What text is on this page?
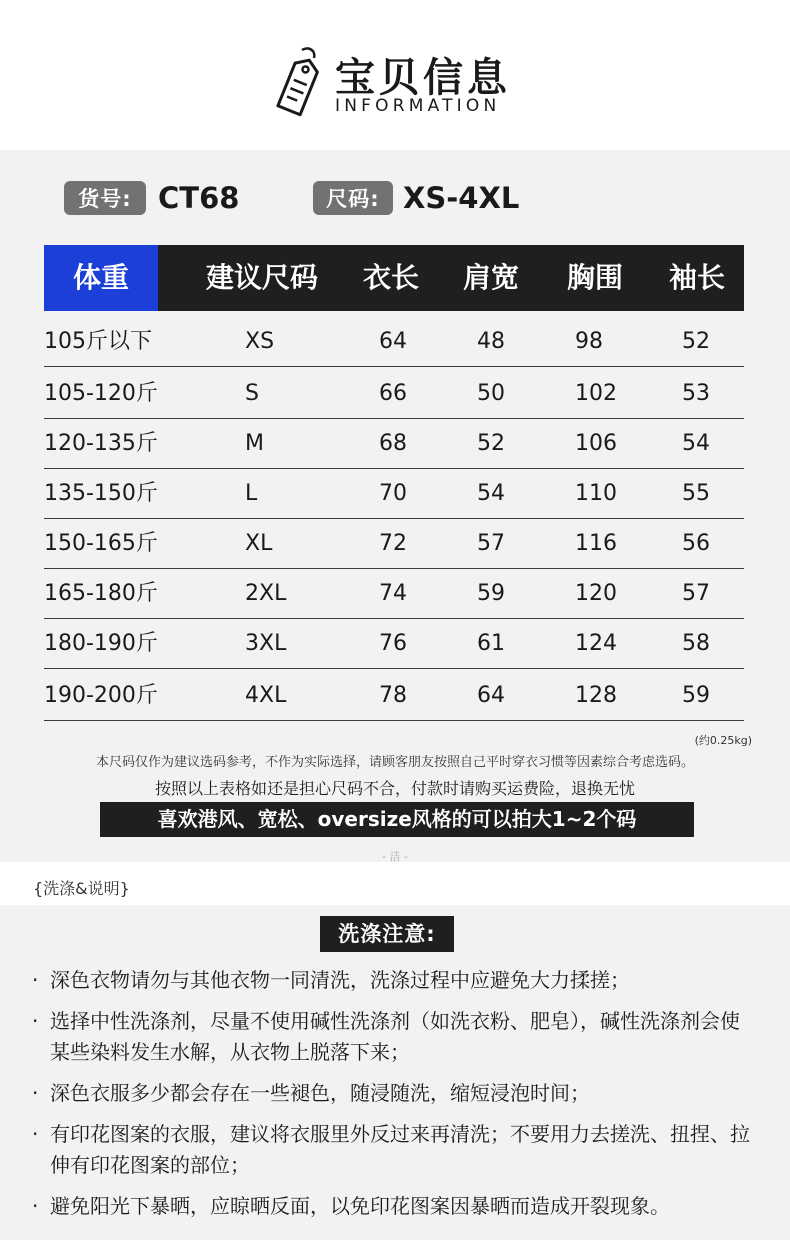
宝贝信息
INFORMATION
货号: CT68	尺码: XS-4XL
体重	建议尺码	衣长	肩宽	胸围	袖长
105斤以下	XS	64	48	98	52
105-120斤	S	66	50	102	53
120-135斤	M	68	52	106	54
135-150斤	L	70	54	110	55
150-165斤	XL	72	57	116	56
165-180斤	2XL	74	59	120	57
180-190斤	3XL	76	61	124	58
190-200斤	4XL	78	64	128	59
(约0.25kg)
本尺码仅作为建议选码参考，不作为实际选择，请顾客朋友按照自己平时穿衣习惯等因素综合考虑选码。
按照以上表格如还是担心尺码不合，付款时请购买运费险，退换无忧
喜欢港风、宽松、oversize风格的可以拍大1~2个码
- 洁 -
{洗涤&说明}
洗涤注意:
· 深色衣物请勿与其他衣物一同清洗，洗涤过程中应避免大力揉搓；
· 选择中性洗涤剂，尽量不使用碱性洗涤剂（如洗衣粉、肥皂），碱性洗涤剂会使某些染料发生水解，从衣物上脱落下来；
· 深色衣服多少都会存在一些褪色，随浸随洗，缩短浸泡时间；
· 有印花图案的衣服，建议将衣服里外反过来再清洗；不要用力去搓洗、扭捏、拉伸有印花图案的部位；
· 避免阳光下暴晒，应晾晒反面，以免印花图案因暴晒而造成开裂现象。
